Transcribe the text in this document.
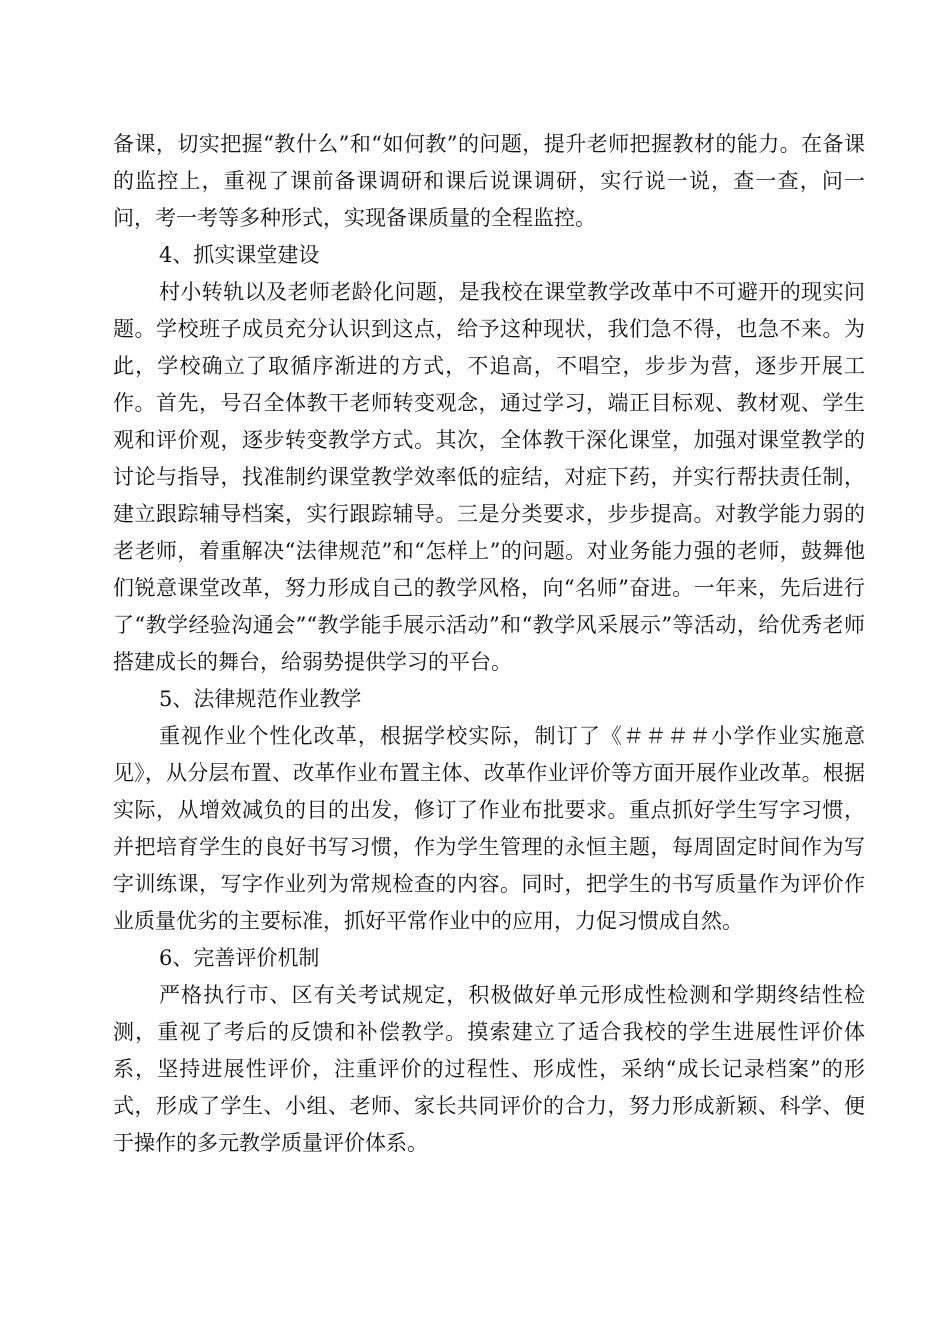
备课，切实把握“教什么”和“如何教”的问题，提升老师把握教材的能力。在备课的监控上，重视了课前备课调研和课后说课调研，实行说一说，查一查，问一问，考一考等多种形式，实现备课质量的全程监控。

4、抓实课堂建设

村小转轨以及老师老龄化问题，是我校在课堂教学改革中不可避开的现实问题。学校班子成员充分认识到这点，给予这种现状，我们急不得，也急不来。为此，学校确立了取循序渐进的方式，不追高，不唱空，步步为营，逐步开展工作。首先，号召全体教干老师转变观念，通过学习，端正目标观、教材观、学生观和评价观，逐步转变教学方式。其次，全体教干深化课堂，加强对课堂教学的讨论与指导，找准制约课堂教学效率低的症结，对症下药，并实行帮扶责任制，建立跟踪辅导档案，实行跟踪辅导。三是分类要求，步步提高。对教学能力弱的老老师，着重解决“法律规范”和“怎样上”的问题。对业务能力强的老师，鼓舞他们锐意课堂改革，努力形成自己的教学风格，向“名师”奋进。一年来，先后进行了“教学经验沟通会”“教学能手展示活动”和“教学风采展示”等活动，给优秀老师搭建成长的舞台，给弱势提供学习的平台。

5、法律规范作业教学

重视作业个性化改革，根据学校实际，制订了《＃＃＃＃小学作业实施意见》，从分层布置、改革作业布置主体、改革作业评价等方面开展作业改革。根据实际，从增效减负的目的出发，修订了作业布批要求。重点抓好学生写字习惯，并把培育学生的良好书写习惯，作为学生管理的永恒主题，每周固定时间作为写字训练课，写字作业列为常规检查的内容。同时，把学生的书写质量作为评价作业质量优劣的主要标准，抓好平常作业中的应用，力促习惯成自然。

6、完善评价机制

严格执行市、区有关考试规定，积极做好单元形成性检测和学期终结性检测，重视了考后的反馈和补偿教学。摸索建立了适合我校的学生进展性评价体系，坚持进展性评价，注重评价的过程性、形成性，采纳“成长记录档案”的形式，形成了学生、小组、老师、家长共同评价的合力，努力形成新颖、科学、便于操作的多元教学质量评价体系。
